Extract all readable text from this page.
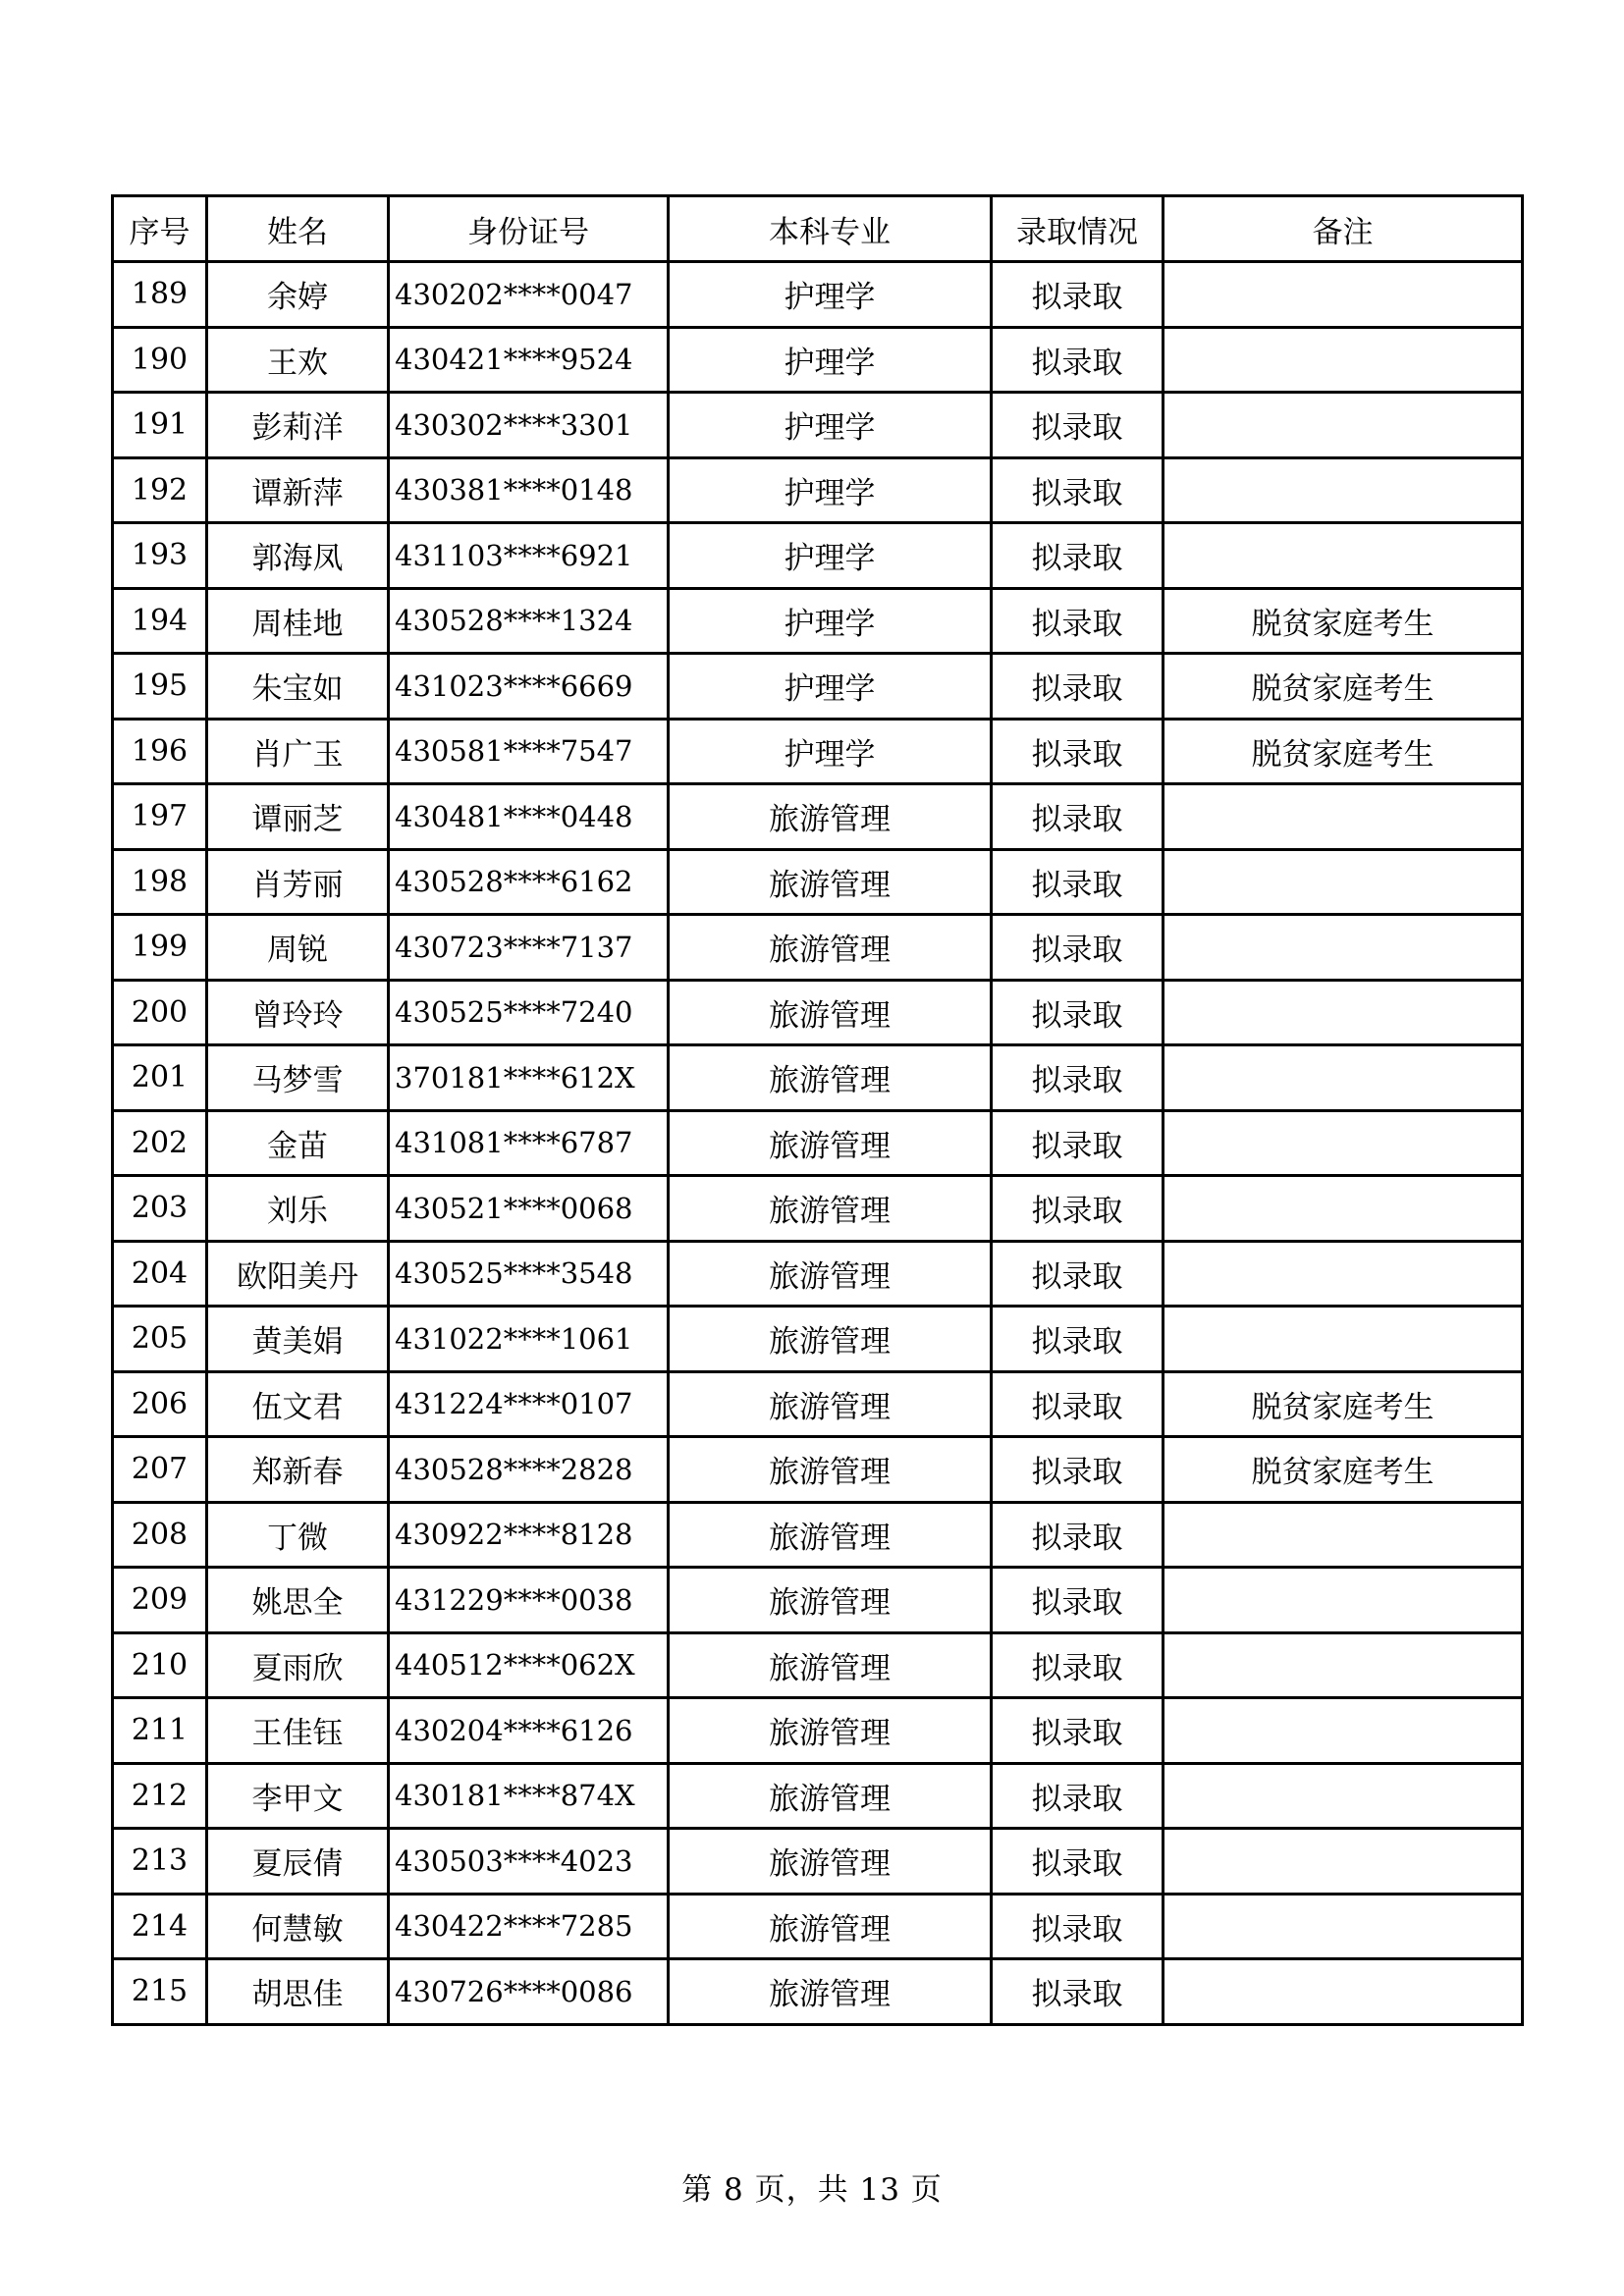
序号	姓名	身份证号	本科专业	录取情况	备注
189	余婷	430202****0047	护理学	拟录取	
190	王欢	430421****9524	护理学	拟录取	
191	彭莉洋	430302****3301	护理学	拟录取	
192	谭新萍	430381****0148	护理学	拟录取	
193	郭海凤	431103****6921	护理学	拟录取	
194	周桂地	430528****1324	护理学	拟录取	脱贫家庭考生
195	朱宝如	431023****6669	护理学	拟录取	脱贫家庭考生
196	肖广玉	430581****7547	护理学	拟录取	脱贫家庭考生
197	谭丽芝	430481****0448	旅游管理	拟录取	
198	肖芳丽	430528****6162	旅游管理	拟录取	
199	周锐	430723****7137	旅游管理	拟录取	
200	曾玲玲	430525****7240	旅游管理	拟录取	
201	马梦雪	370181****612X	旅游管理	拟录取	
202	金苗	431081****6787	旅游管理	拟录取	
203	刘乐	430521****0068	旅游管理	拟录取	
204	欧阳美丹	430525****3548	旅游管理	拟录取	
205	黄美娟	431022****1061	旅游管理	拟录取	
206	伍文君	431224****0107	旅游管理	拟录取	脱贫家庭考生
207	郑新春	430528****2828	旅游管理	拟录取	脱贫家庭考生
208	丁微	430922****8128	旅游管理	拟录取	
209	姚思全	431229****0038	旅游管理	拟录取	
210	夏雨欣	440512****062X	旅游管理	拟录取	
211	王佳钰	430204****6126	旅游管理	拟录取	
212	李甲文	430181****874X	旅游管理	拟录取	
213	夏辰倩	430503****4023	旅游管理	拟录取	
214	何慧敏	430422****7285	旅游管理	拟录取	
215	胡思佳	430726****0086	旅游管理	拟录取	
第 8 页，共 13 页
